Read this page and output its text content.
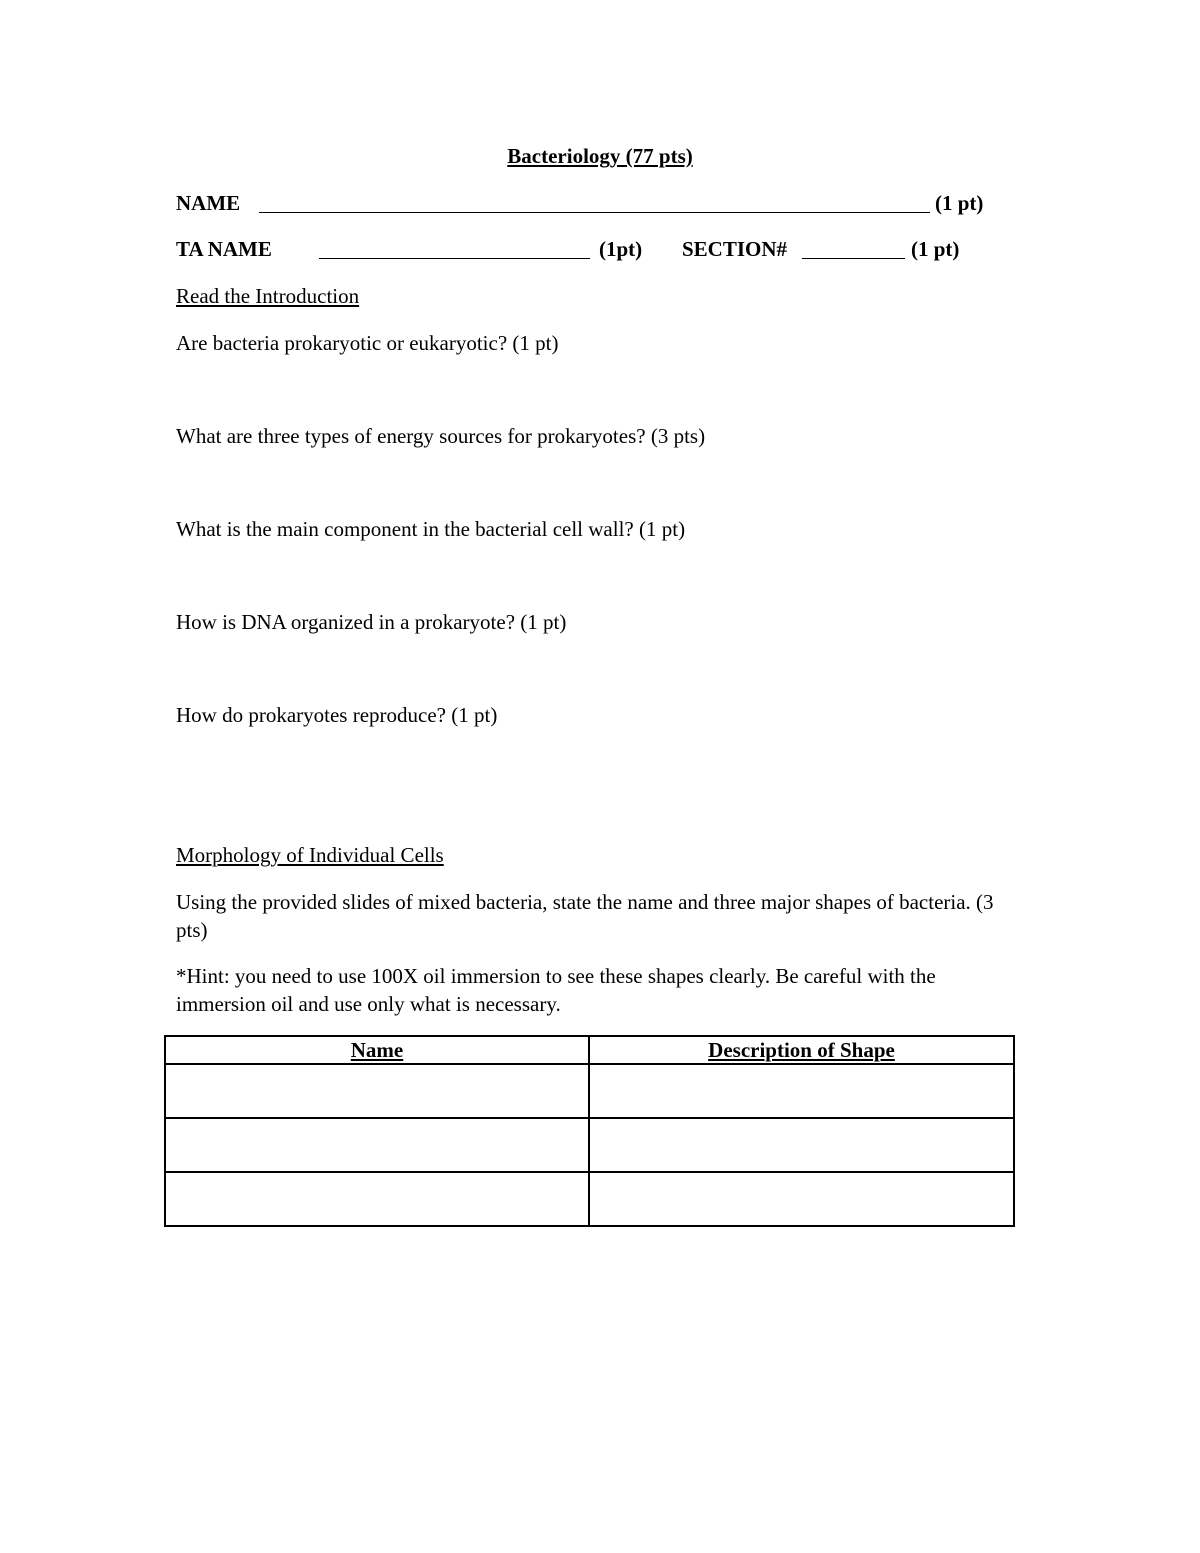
Bacteriology (77 pts)
NAME	(1 pt)
TA NAME	(1pt) SECTION#	(1 pt)
Read the Introduction
Are bacteria prokaryotic or eukaryotic? (1 pt)
What are three types of energy sources for prokaryotes? (3 pts)
What is the main component in the bacterial cell wall? (1 pt)
How is DNA organized in a prokaryote? (1 pt)
How do prokaryotes reproduce? (1 pt)
Morphology of Individual Cells
Using the provided slides of mixed bacteria, state the name and three major shapes of bacteria. (3 pts)
*Hint: you need to use 100X oil immersion to see these shapes clearly. Be careful with the immersion oil and use only what is necessary.
Name	Description of Shape
